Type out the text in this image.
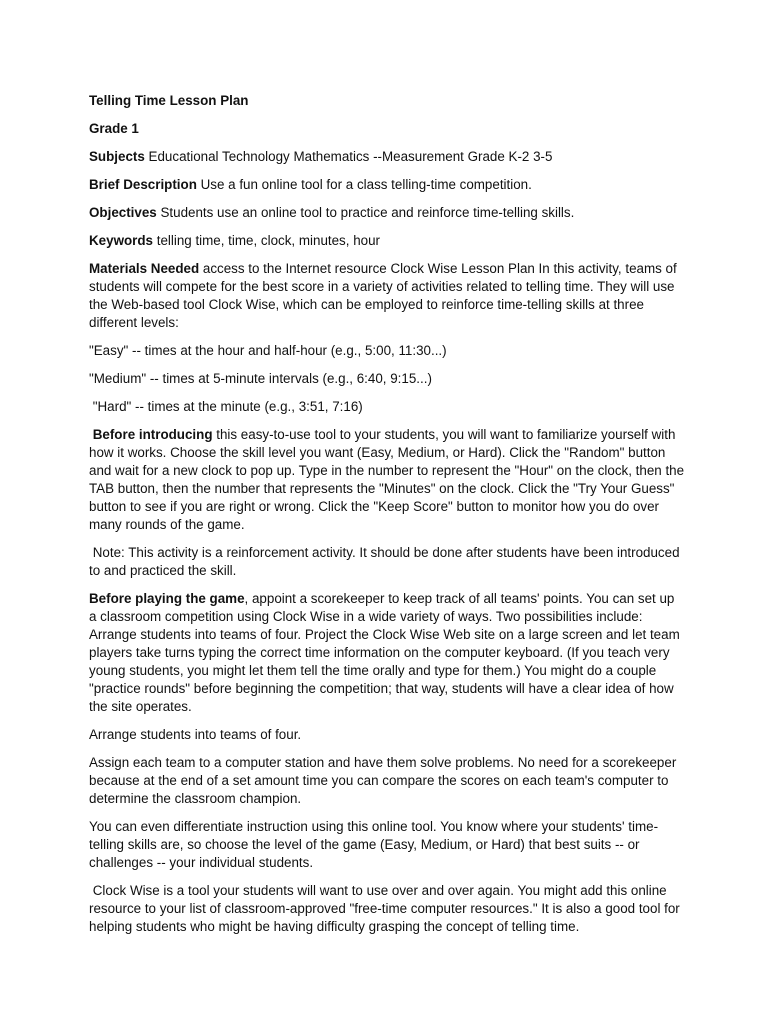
Telling Time Lesson Plan

Grade 1

Subjects Educational Technology Mathematics --Measurement Grade K-2 3-5

Brief Description Use a fun online tool for a class telling-time competition.

Objectives Students use an online tool to practice and reinforce time-telling skills.

Keywords telling time, time, clock, minutes, hour

Materials Needed access to the Internet resource Clock Wise Lesson Plan In this activity, teams of students will compete for the best score in a variety of activities related to telling time. They will use the Web-based tool Clock Wise, which can be employed to reinforce time-telling skills at three different levels:

"Easy" -- times at the hour and half-hour (e.g., 5:00, 11:30...)

"Medium" -- times at 5-minute intervals (e.g., 6:40, 9:15...)

"Hard" -- times at the minute (e.g., 3:51, 7:16)

Before introducing this easy-to-use tool to your students, you will want to familiarize yourself with how it works. Choose the skill level you want (Easy, Medium, or Hard). Click the "Random" button and wait for a new clock to pop up. Type in the number to represent the "Hour" on the clock, then the TAB button, then the number that represents the "Minutes" on the clock. Click the "Try Your Guess" button to see if you are right or wrong. Click the "Keep Score" button to monitor how you do over many rounds of the game.

Note: This activity is a reinforcement activity. It should be done after students have been introduced to and practiced the skill.

Before playing the game, appoint a scorekeeper to keep track of all teams' points. You can set up a classroom competition using Clock Wise in a wide variety of ways. Two possibilities include: Arrange students into teams of four. Project the Clock Wise Web site on a large screen and let team players take turns typing the correct time information on the computer keyboard. (If you teach very young students, you might let them tell the time orally and type for them.) You might do a couple "practice rounds" before beginning the competition; that way, students will have a clear idea of how the site operates.

Arrange students into teams of four.

Assign each team to a computer station and have them solve problems. No need for a scorekeeper because at the end of a set amount time you can compare the scores on each team's computer to determine the classroom champion.

You can even differentiate instruction using this online tool. You know where your students' time-telling skills are, so choose the level of the game (Easy, Medium, or Hard) that best suits -- or challenges -- your individual students.

Clock Wise is a tool your students will want to use over and over again. You might add this online resource to your list of classroom-approved "free-time computer resources." It is also a good tool for helping students who might be having difficulty grasping the concept of telling time.
